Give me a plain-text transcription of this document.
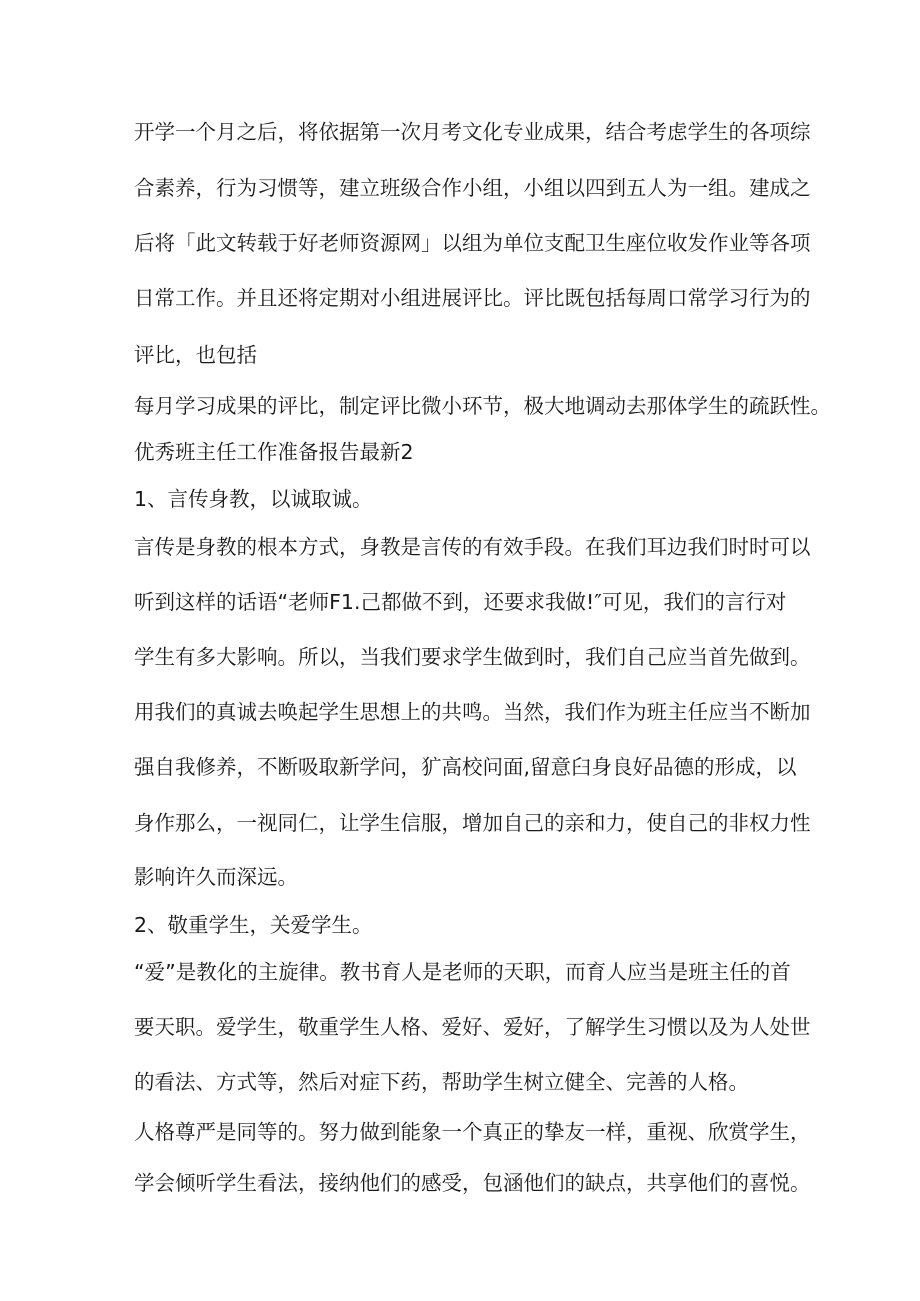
开学一个月之后，将依据第一次月考文化专业成果，结合考虑学生的各项综

合素养，行为习惯等，建立班级合作小组，小组以四到五人为一组。建成之

后将「此文转载于好老师资源网」以组为单位支配卫生座位收发作业等各项

日常工作。并且还将定期对小组进展评比。评比既包括每周口常学习行为的

评比，也包括

每月学习成果的评比，制定评比微小环节，极大地调动去那体学生的疏跃性。

优秀班主任工作准备报告最新2

1、言传身教，以诚取诚。

言传是身教的根本方式，身教是言传的有效手段。在我们耳边我们时时可以

听到这样的话语“老师F1.己都做不到，还要求我做!″可见，我们的言行对

学生有多大影响。所以，当我们要求学生做到时，我们自己应当首先做到。

用我们的真诚去唤起学生思想上的共鸣。当然，我们作为班主任应当不断加

强自我修养，不断吸取新学问，犷高校问面,留意臼身良好品德的形成，以

身作那么，一视同仁，让学生信服，增加自己的亲和力，使自己的非权力性

影响许久而深远。

2、敬重学生，关爱学生。

“爱”是教化的主旋律。教书育人是老师的天职，而育人应当是班主任的首

要天职。爱学生，敬重学生人格、爱好、爱好，了解学生习惯以及为人处世

的看法、方式等，然后对症下药，帮助学生树立健全、完善的人格。

人格尊严是同等的。努力做到能象一个真正的挚友一样，重视、欣赏学生，

学会倾听学生看法，接纳他们的感受，包涵他们的缺点，共享他们的喜悦。
